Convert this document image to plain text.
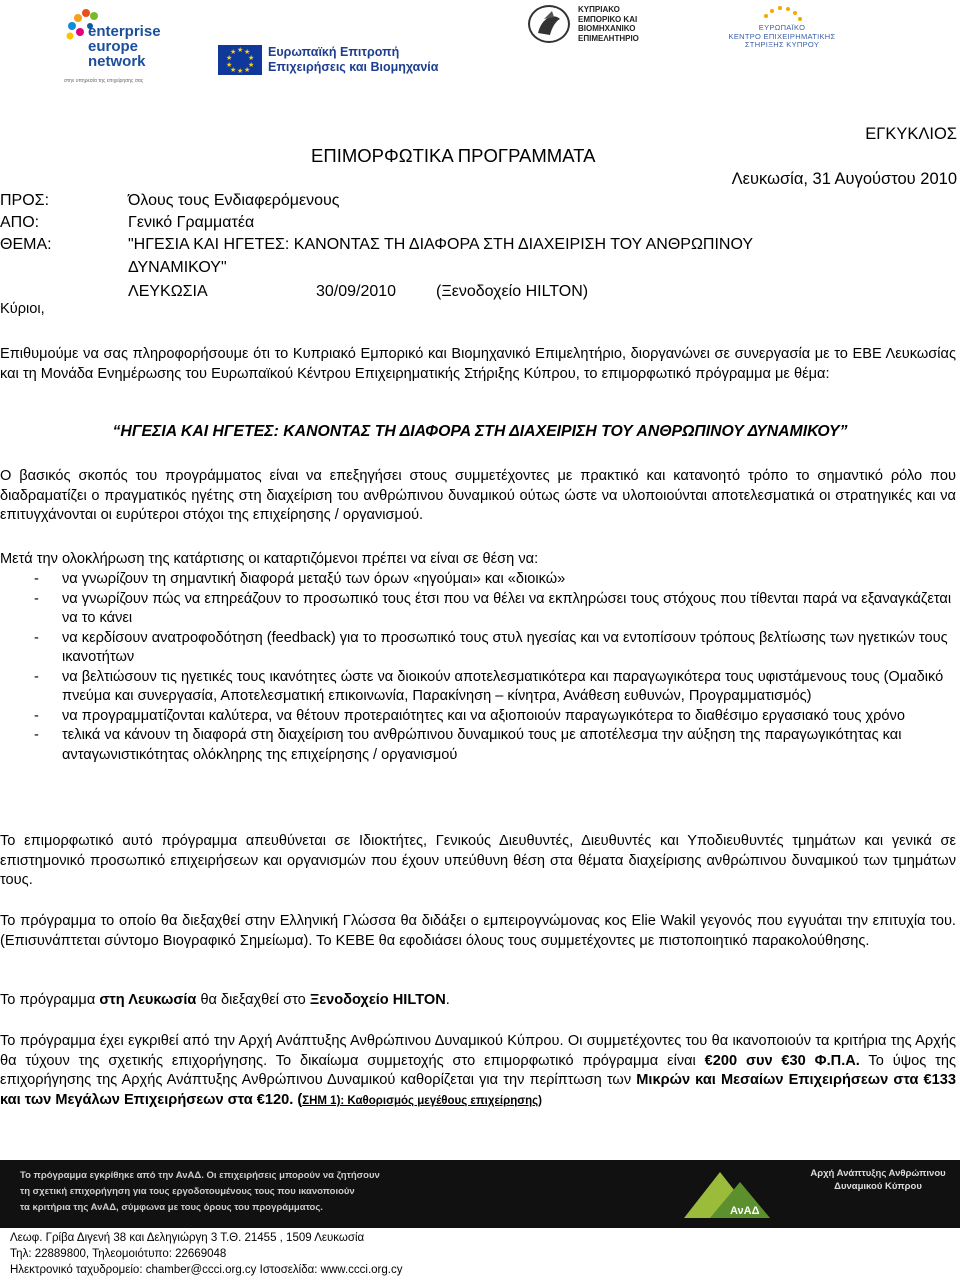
enterprise
europe
network
στην υπηρεσία της επιχείρησης σας
★ ★
★
★
★
★
★
★
★
★	Ευρωπαϊκή Επιτροπή
Επιχειρήσεις και Βιομηχανία
ΚΥΠΡΙΑΚΟ
ΕΜΠΟΡΙΚΟ ΚΑΙ
ΒΙΟΜΗΧΑΝΙΚΟ
ΕΠΙΜΕΛΗΤΗΡΙΟ
ΕΥΡΩΠΑΪΚΟ
ΚΕΝΤΡΟ ΕΠΙΧΕΙΡΗΜΑΤΙΚΗΣ
ΣΤΗΡΙΞΗΣ ΚΥΠΡΟΥ
ΕΓΚΥΚΛΙΟΣ
ΕΠΙΜΟΡΦΩΤΙΚΑ ΠΡΟΓΡΑΜΜΑΤΑ
Λευκωσία, 31 Αυγούστου 2010
ΠΡΟΣ:	Όλους τους Ενδιαφερόμενους
ΑΠΟ:	Γενικό Γραμματέα
ΘΕΜΑ:	"ΗΓΕΣΙΑ ΚΑΙ ΗΓΕΤΕΣ: ΚΑΝΟΝΤΑΣ ΤΗ ΔΙΑΦΟΡΑ ΣΤΗ ΔΙΑΧΕΙΡΙΣΗ ΤΟΥ ΑΝΘΡΩΠΙΝΟΥ
ΔΥΝΑΜΙΚΟΥ"
ΛΕΥΚΩΣΙΑ	30/09/2010 (Ξενοδοχείο HILTON)
Κύριοι,
Επιθυμούμε να σας πληροφορήσουμε ότι το Κυπριακό Εμπορικό και Βιομηχανικό Επιμελητήριο, διοργανώνει σε συνεργασία με το ΕΒΕ Λευκωσίας και τη Μονάδα Ενημέρωσης του Ευρωπαϊκού Κέντρου Επιχειρηματικής Στήριξης Κύπρου, το επιμορφωτικό πρόγραμμα με θέμα:
“ΗΓΕΣΙΑ ΚΑΙ ΗΓΕΤΕΣ: ΚΑΝΟΝΤΑΣ ΤΗ ΔΙΑΦΟΡΑ ΣΤΗ ΔΙΑΧΕΙΡΙΣΗ ΤΟΥ ΑΝΘΡΩΠΙΝΟΥ ΔΥΝΑΜΙΚΟΥ”
Ο βασικός σκοπός του προγράμματος είναι να επεξηγήσει στους συμμετέχοντες με πρακτικό και κατανοητό τρόπο το σημαντικό ρόλο που διαδραματίζει ο πραγματικός ηγέτης στη διαχείριση του ανθρώπινου δυναμικού ούτως ώστε να υλοποιούνται αποτελεσματικά οι στρατηγικές και να επιτυγχάνονται οι ευρύτεροι στόχοι της επιχείρησης / οργανισμού.
Μετά την ολοκλήρωση της κατάρτισης οι καταρτιζόμενοι πρέπει να είναι σε θέση να:
- να γνωρίζουν τη σημαντική διαφορά μεταξύ των όρων «ηγούμαι» και «διοικώ»
- να γνωρίζουν πώς να επηρεάζουν το προσωπικό τους έτσι που να θέλει να εκπληρώσει τους στόχους που τίθενται παρά να εξαναγκάζεται να το κάνει
- να κερδίσουν ανατροφοδότηση (feedback) για το προσωπικό τους στυλ ηγεσίας και να εντοπίσουν τρόπους βελτίωσης των ηγετικών τους ικανοτήτων
- να βελτιώσουν τις ηγετικές τους ικανότητες ώστε να διοικούν αποτελεσματικότερα και παραγωγικότερα τους υφιστάμενους τους (Ομαδικό πνεύμα και συνεργασία, Αποτελεσματική επικοινωνία, Παρακίνηση – κίνητρα, Ανάθεση ευθυνών, Προγραμματισμός)
- να προγραμματίζονται καλύτερα, να θέτουν προτεραιότητες και να αξιοποιούν παραγωγικότερα το διαθέσιμο εργασιακό τους χρόνο
- τελικά να κάνουν τη διαφορά στη διαχείριση του ανθρώπινου δυναμικού τους με αποτέλεσμα την αύξηση της παραγωγικότητας και ανταγωνιστικότητας ολόκληρης της επιχείρησης / οργανισμού
Το επιμορφωτικό αυτό πρόγραμμα απευθύνεται σε Ιδιοκτήτες, Γενικούς Διευθυντές, Διευθυντές και Υποδιευθυντές τμημάτων και γενικά σε επιστημονικό προσωπικό επιχειρήσεων και οργανισμών που έχουν υπεύθυνη θέση στα θέματα διαχείρισης ανθρώπινου δυναμικού των τμημάτων τους.
Το πρόγραμμα το οποίο θα διεξαχθεί στην Ελληνική Γλώσσα θα διδάξει ο εμπειρογνώμονας κος Elie Wakil γεγονός που εγγυάται την επιτυχία του. (Επισυνάπτεται σύντομο Βιογραφικό Σημείωμα). Το ΚΕΒΕ θα εφοδιάσει όλους τους συμμετέχοντες με πιστοποιητικό παρακολούθησης.
Το πρόγραμμα στη Λευκωσία θα διεξαχθεί στο Ξενοδοχείο HILTON.
Το πρόγραμμα έχει εγκριθεί από την Αρχή Ανάπτυξης Ανθρώπινου Δυναμικού Κύπρου. Οι συμμετέχοντες του θα ικανοποιούν τα κριτήρια της Αρχής θα τύχουν της σχετικής επιχορήγησης. Το δικαίωμα συμμετοχής στο επιμορφωτικό πρόγραμμα είναι €200 συν €30 Φ.Π.Α. Το ύψος της επιχορήγησης της Αρχής Ανάπτυξης Ανθρώπινου Δυναμικού καθορίζεται για την περίπτωση των Μικρών και Μεσαίων Επιχειρήσεων στα €133 και των Μεγάλων Επιχειρήσεων στα €120. (ΣΗΜ 1): Καθορισμός μεγέθους επιχείρησης)
Το πρόγραμμα εγκρίθηκε από την ΑνΑΔ. Οι επιχειρήσεις μπορούν να ζητήσουν
τη σχετική επιχορήγηση για τους εργοδοτουμένους τους που ικανοποιούν
τα κριτήρια της ΑνΑΔ, σύμφωνα με τους όρους του προγράμματος.	ΑνΑΔ
Αρχή Ανάπτυξης Ανθρώπινου Δυναμικού Κύπρου
Λεωφ. Γρίβα Διγενή 38 και Δεληγιώργη 3 Τ.Θ. 21455 , 1509 Λευκωσία
Τηλ: 22889800, Τηλεομοιότυπο: 22669048
Ηλεκτρονικό ταχυδρομείο: chamber@ccci.org.cy Ιστοσελίδα: www.ccci.org.cy
